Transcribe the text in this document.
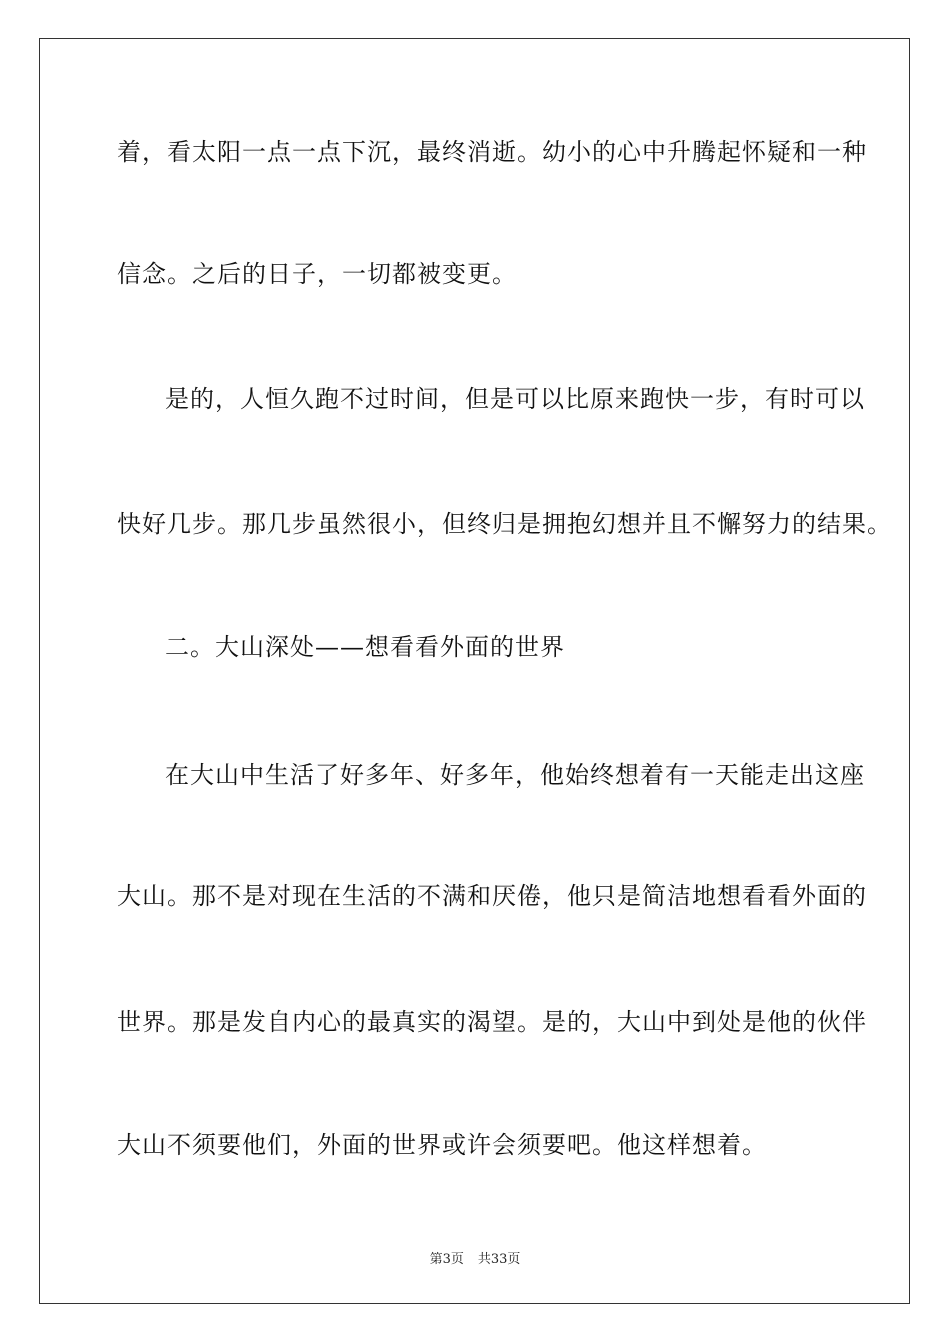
着，看太阳一点一点下沉，最终消逝。幼小的心中升腾起怀疑和一种
信念。之后的日子，一切都被变更。
是的，人恒久跑不过时间，但是可以比原来跑快一步，有时可以
快好几步。那几步虽然很小，但终归是拥抱幻想并且不懈努力的结果。
二。大山深处——想看看外面的世界
在大山中生活了好多年、好多年，他始终想着有一天能走出这座
大山。那不是对现在生活的不满和厌倦，他只是简洁地想看看外面的
世界。那是发自内心的最真实的渴望。是的，大山中到处是他的伙伴
大山不须要他们，外面的世界或许会须要吧。他这样想着。
第3页 共33页
